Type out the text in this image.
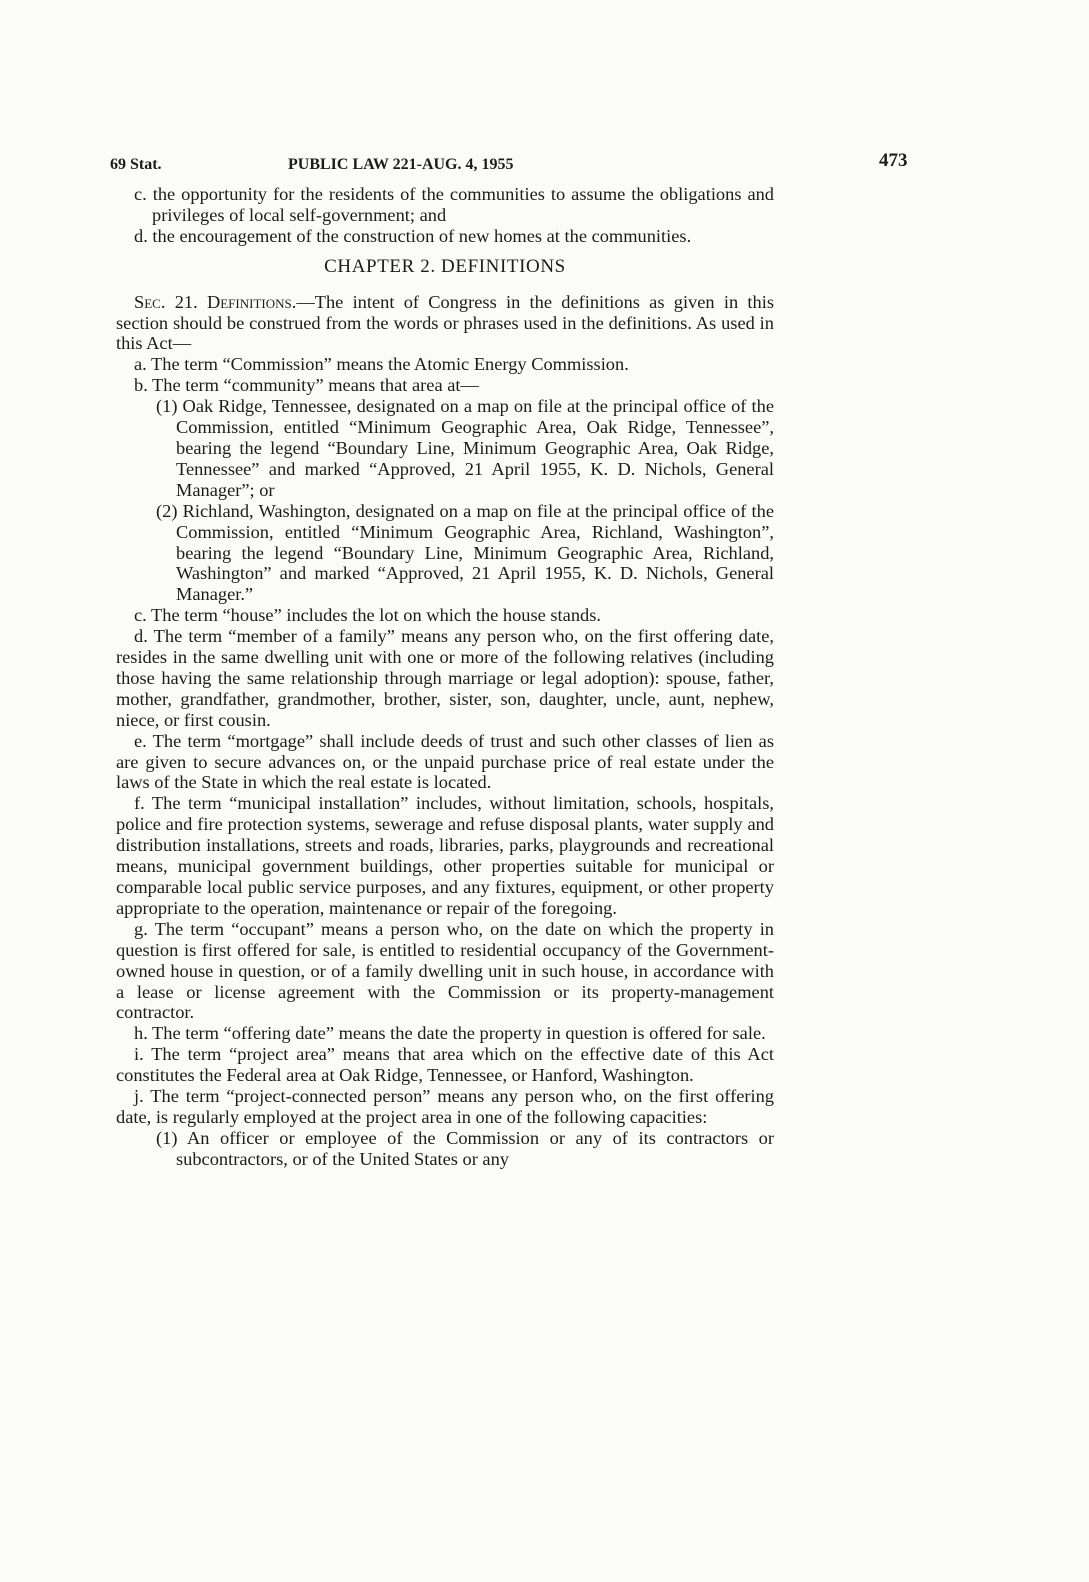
69 Stat.	PUBLIC LAW 221-AUG. 4, 1955	473

c. the opportunity for the residents of the communities to assume the obligations and privileges of local self-government; and

d. the encouragement of the construction of new homes at the communities.

CHAPTER 2. DEFINITIONS

Sec. 21. Definitions.—The intent of Congress in the definitions as given in this section should be construed from the words or phrases used in the definitions. As used in this Act—

a. The term “Commission” means the Atomic Energy Commission.

b. The term “community” means that area at—

(1) Oak Ridge, Tennessee, designated on a map on file at the principal office of the Commission, entitled “Minimum Geographic Area, Oak Ridge, Tennessee”, bearing the legend “Boundary Line, Minimum Geographic Area, Oak Ridge, Tennessee” and marked “Approved, 21 April 1955, K. D. Nichols, General Manager”; or

(2) Richland, Washington, designated on a map on file at the principal office of the Commission, entitled “Minimum Geographic Area, Richland, Washington”, bearing the legend “Boundary Line, Minimum Geographic Area, Richland, Washington” and marked “Approved, 21 April 1955, K. D. Nichols, General Manager.”

c. The term “house” includes the lot on which the house stands.

d. The term “member of a family” means any person who, on the first offering date, resides in the same dwelling unit with one or more of the following relatives (including those having the same relationship through marriage or legal adoption): spouse, father, mother, grandfather, grandmother, brother, sister, son, daughter, uncle, aunt, nephew, niece, or first cousin.

e. The term “mortgage” shall include deeds of trust and such other classes of lien as are given to secure advances on, or the unpaid purchase price of real estate under the laws of the State in which the real estate is located.

f. The term “municipal installation” includes, without limitation, schools, hospitals, police and fire protection systems, sewerage and refuse disposal plants, water supply and distribution installations, streets and roads, libraries, parks, playgrounds and recreational means, municipal government buildings, other properties suitable for municipal or comparable local public service purposes, and any fixtures, equipment, or other property appropriate to the operation, maintenance or repair of the foregoing.

g. The term “occupant” means a person who, on the date on which the property in question is first offered for sale, is entitled to residential occupancy of the Government-owned house in question, or of a family dwelling unit in such house, in accordance with a lease or license agreement with the Commission or its property-management contractor.

h. The term “offering date” means the date the property in question is offered for sale.

i. The term “project area” means that area which on the effective date of this Act constitutes the Federal area at Oak Ridge, Tennessee, or Hanford, Washington.

j. The term “project-connected person” means any person who, on the first offering date, is regularly employed at the project area in one of the following capacities:

(1) An officer or employee of the Commission or any of its contractors or subcontractors, or of the United States or any
